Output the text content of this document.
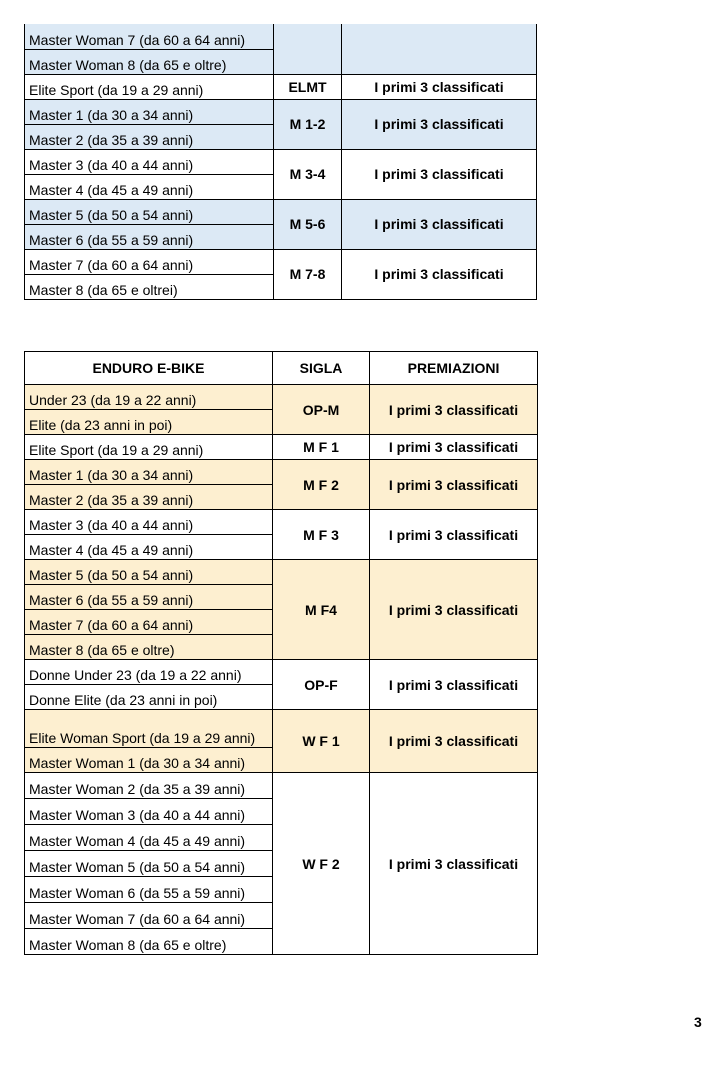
Master Woman 7 (da 60 a 64 anni)		
Master Woman 8 (da 65 e oltre)		
Elite Sport (da 19 a 29 anni)	ELMT	I primi 3 classificati
Master 1 (da 30 a 34 anni)	M 1-2	I primi 3 classificati
Master 2 (da 35 a 39 anni)		
Master 3 (da 40 a 44 anni)	M 3-4	I primi 3 classificati
Master 4 (da 45 a 49 anni)		
Master 5 (da 50 a 54 anni)	M 5-6	I primi 3 classificati
Master 6 (da 55 a 59 anni)		
Master 7 (da 60 a 64 anni)	M 7-8	I primi 3 classificati
Master 8 (da 65 e oltrei)		
ENDURO E-BIKE	SIGLA	PREMIAZIONI
Under 23 (da 19 a 22 anni)	OP-M	I primi 3 classificati
Elite (da 23 anni in poi)		
Elite Sport (da 19 a 29 anni)	M F 1	I primi 3 classificati
Master 1 (da 30 a 34 anni)	M F 2	I primi 3 classificati
Master 2 (da 35 a 39 anni)		
Master 3 (da 40 a 44 anni)	M F 3	I primi 3 classificati
Master 4 (da 45 a 49 anni)		
Master 5 (da 50 a 54 anni)	M F4	I primi 3 classificati
Master 6 (da 55 a 59 anni)		
Master 7 (da 60 a 64 anni)		
Master 8 (da 65 e oltre)		
Donne Under 23 (da 19 a 22 anni)	OP-F	I primi 3 classificati
Donne Elite (da 23 anni in poi)		
Elite Woman Sport (da 19 a 29 anni)	W F 1	I primi 3 classificati
Master Woman 1 (da 30 a 34 anni)		
Master Woman 2 (da 35 a 39 anni)	W F 2	I primi 3 classificati
Master Woman 3 (da 40 a 44 anni)		
Master Woman 4 (da 45 a 49 anni)		
Master Woman 5 (da 50 a 54 anni)		
Master Woman 6 (da 55 a 59 anni)		
Master Woman 7 (da 60 a 64 anni)		
Master Woman 8 (da 65 e oltre)		
3
